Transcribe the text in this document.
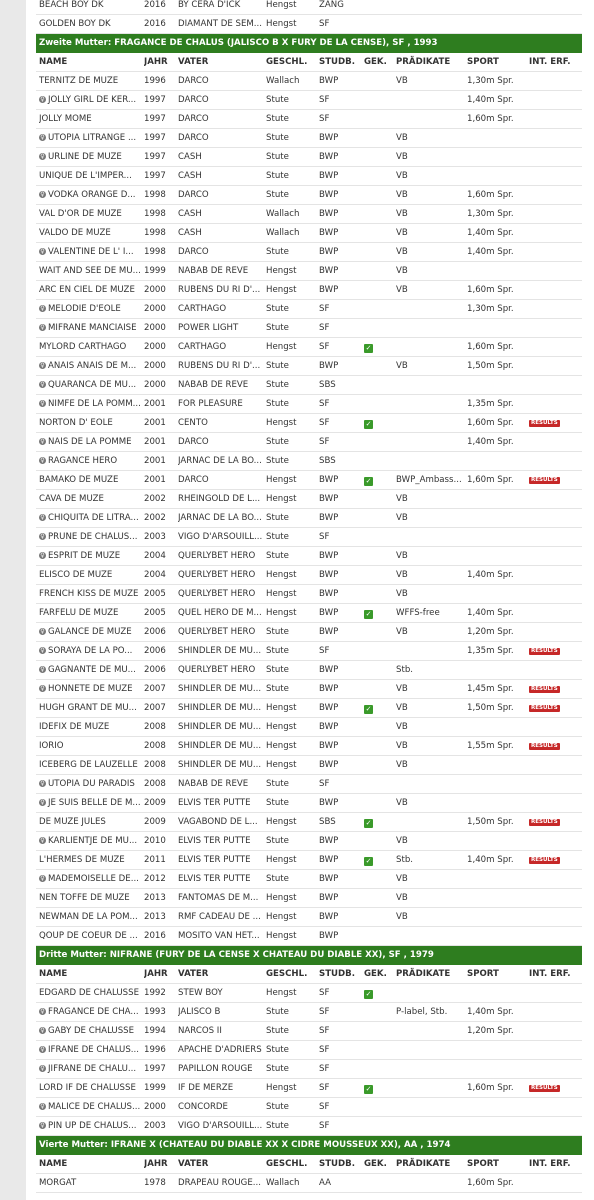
BEACH BOY DK	2016	BY CERA D'ICK	Hengst	ZANG
GOLDEN BOY DK	2016	DIAMANT DE SEM... Hengst	SF
Zweite Mutter: FRAGANCE DE CHALUS (JALISCO B X FURY DE LA CENSE), SF , 1993
NAME	JAHR	VATER	GESCHL.	STUDB. GEK.	PRÄDIKATE	SPORT	INT. ERF.
TERNITZ DE MUZE	1996	DARCO	Wallach	BWP	VB	1,30m Spr.
♀ JOLLY GIRL DE KER... 1997	DARCO	Stute	SF	1,40m Spr.
JOLLY MOME	1997	DARCO	Stute	SF	1,60m Spr.
♀ UTOPIA LITRANGE ... 1997	DARCO	Stute	BWP	VB
♀ URLINE DE MUZE	1997	CASH	Stute	BWP	VB
UNIQUE DE L'IMPER...	1997	CASH	Stute	BWP	VB
♀ VODKA ORANGE D... 1998	DARCO	Stute	BWP	VB	1,60m Spr.
VAL D'OR DE MUZE	1998	CASH	Wallach	BWP	VB	1,30m Spr.
VALDO DE MUZE	1998	CASH	Wallach	BWP	VB	1,40m Spr.
♀ VALENTINE DE L' I...	1998	DARCO	Stute	BWP	VB	1,40m Spr.
WAIT AND SEE DE MU... 1999	NABAB DE REVE	Hengst	BWP	VB
ARC EN CIEL DE MUZE	2000	RUBENS DU RI D'... Hengst	BWP	VB	1,60m Spr.
♀ MELODIE D'EOLE	2000	CARTHAGO	Stute	SF	1,30m Spr.
♀ MIFRANE MANCIAISE 2000	POWER LIGHT	Stute	SF
MYLORD CARTHAGO	2000	CARTHAGO	Hengst	SF	✓	1,60m Spr.
♀ ANAIS ANAIS DE M... 2000	RUBENS DU RI D'... Stute	BWP	VB	1,50m Spr.
♀ QUARANCA DE MU... 2000	NABAB DE REVE	Stute	SBS
♀ NIMFE DE LA POMM... 2001	FOR PLEASURE	Stute	SF	1,35m Spr.
NORTON D' EOLE	2001	CENTO	Hengst	SF	✓	1,60m Spr.	RESULTS
♀ NAIS DE LA POMME	2001	DARCO	Stute	SF	1,40m Spr.
♀ RAGANCE HERO	2001	JARNAC DE LA BO... Stute	SBS
BAMAKO DE MUZE	2001	DARCO	Hengst	BWP	✓	BWP_Ambass... 1,60m Spr.	RESULTS
CAVA DE MUZE	2002	RHEINGOLD DE L... Hengst	BWP	VB
♀ CHIQUITA DE LITRA... 2002	JARNAC DE LA BO... Stute	BWP	VB
♀ PRUNE DE CHALUS... 2003	VIGO D'ARSOUILL... Stute	SF
♀ ESPRIT DE MUZE	2004	QUERLYBET HERO	Stute	BWP	VB
ELISCO DE MUZE	2004	QUERLYBET HERO	Hengst	BWP	VB	1,40m Spr.
FRENCH KISS DE MUZE 2005	QUERLYBET HERO	Hengst	BWP	VB
FARFELU DE MUZE	2005	QUEL HERO DE M... Hengst	BWP	✓	WFFS-free	1,40m Spr.
♀ GALANCE DE MUZE	2006	QUERLYBET HERO	Stute	BWP	VB	1,20m Spr.
♀ SORAYA DE LA PO...	2006	SHINDLER DE MU... Stute	SF	1,35m Spr.	RESULTS
♀ GAGNANTE DE MU... 2006	QUERLYBET HERO	Stute	BWP	Stb.
♀ HONNETE DE MUZE	2007	SHINDLER DE MU... Stute	BWP	VB	1,45m Spr.	RESULTS
HUGH GRANT DE MU... 2007	SHINDLER DE MU... Hengst	BWP	✓	VB	1,50m Spr.	RESULTS
IDEFIX DE MUZE	2008	SHINDLER DE MU... Hengst	BWP	VB
IORIO	2008	SHINDLER DE MU... Hengst	BWP	VB	1,55m Spr.	RESULTS
ICEBERG DE LAUZELLE 2008	SHINDLER DE MU... Hengst	BWP	VB
♀ UTOPIA DU PARADIS	2008	NABAB DE REVE	Stute	SF
♀ JE SUIS BELLE DE M... 2009	ELVIS TER PUTTE	Stute	BWP	VB
DE MUZE JULES	2009	VAGABOND DE L... Hengst	SBS	✓	1,50m Spr.	RESULTS
♀ KARLIENTJE DE MU... 2010	ELVIS TER PUTTE	Stute	BWP	VB
L'HERMES DE MUZE	2011	ELVIS TER PUTTE	Hengst	BWP	✓	Stb.	1,40m Spr.	RESULTS
♀ MADEMOISELLE DE... 2012	ELVIS TER PUTTE	Stute	BWP	VB
NEN TOFFE DE MUZE	2013	FANTOMAS DE M... Hengst	BWP	VB
NEWMAN DE LA POM... 2013	RMF CADEAU DE ... Hengst	BWP	VB
QOUP DE COEUR DE ... 2016	MOSITO VAN HET... Hengst	BWP
Dritte Mutter: NIFRANE (FURY DE LA CENSE X CHATEAU DU DIABLE XX), SF , 1979
NAME	JAHR	VATER	GESCHL.	STUDB. GEK.	PRÄDIKATE	SPORT	INT. ERF.
EDGARD DE CHALUSSE 1992	STEW BOY	Hengst	SF	✓
♀ FRAGANCE DE CHA... 1993	JALISCO B	Stute	SF	P-label, Stb.	1,40m Spr.
♀ GABY DE CHALUSSE	1994	NARCOS II	Stute	SF	1,20m Spr.
♀ IFRANE DE CHALUS... 1996	APACHE D'ADRIERS Stute	SF
♀ JIFRANE DE CHALU... 1997	PAPILLON ROUGE	Stute	SF
LORD IF DE CHALUSSE 1999	IF DE MERZE	Hengst	SF	✓	1,60m Spr.	RESULTS
♀ MALICE DE CHALUS... 2000	CONCORDE	Stute	SF
♀ PIN UP DE CHALUS... 2003	VIGO D'ARSOUILL... Stute	SF
Vierte Mutter: IFRANE X (CHATEAU DU DIABLE XX X CIDRE MOUSSEUX XX), AA , 1974
NAME	JAHR	VATER	GESCHL.	STUDB. GEK.	PRÄDIKATE	SPORT	INT. ERF.
MORGAT	1978	DRAPEAU ROUGE... Wallach	AA	1,60m Spr.
